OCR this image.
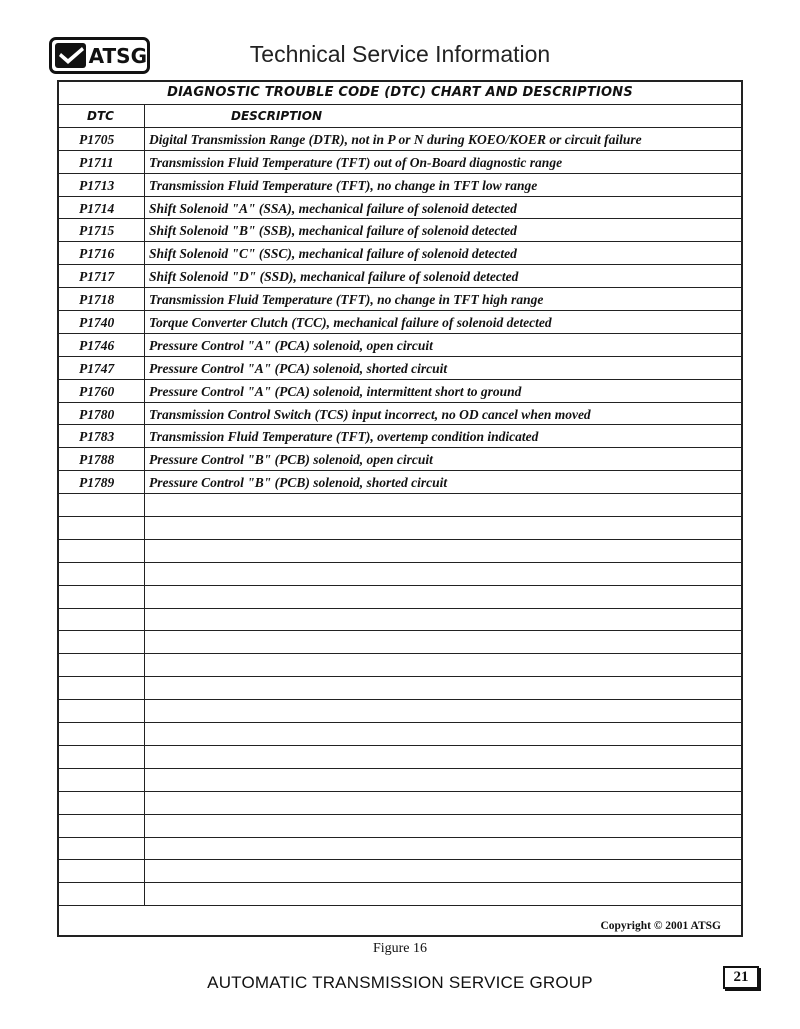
ATSG	Technical Service Information
DIAGNOSTIC TROUBLE CODE (DTC) CHART AND DESCRIPTIONS
DTC	DESCRIPTION
P1705	Digital Transmission Range (DTR), not in P or N during KOEO/KOER or circuit failure
P1711	Transmission Fluid Temperature (TFT) out of On-Board diagnostic range
P1713	Transmission Fluid Temperature (TFT), no change in TFT low range
P1714	Shift Solenoid "A" (SSA), mechanical failure of solenoid detected
P1715	Shift Solenoid "B" (SSB), mechanical failure of solenoid detected
P1716	Shift Solenoid "C" (SSC), mechanical failure of solenoid detected
P1717	Shift Solenoid "D" (SSD), mechanical failure of solenoid detected
P1718	Transmission Fluid Temperature (TFT), no change in TFT high range
P1740	Torque Converter Clutch (TCC), mechanical failure of solenoid detected
P1746	Pressure Control "A" (PCA) solenoid, open circuit
P1747	Pressure Control "A" (PCA) solenoid, shorted circuit
P1760	Pressure Control "A" (PCA) solenoid, intermittent short to ground
P1780	Transmission Control Switch (TCS) input incorrect, no OD cancel when moved
P1783	Transmission Fluid Temperature (TFT), overtemp condition indicated
P1788	Pressure Control "B" (PCB) solenoid, open circuit
P1789	Pressure Control "B" (PCB) solenoid, shorted circuit
Copyright © 2001 ATSG
Figure 16
AUTOMATIC TRANSMISSION SERVICE GROUP	21
